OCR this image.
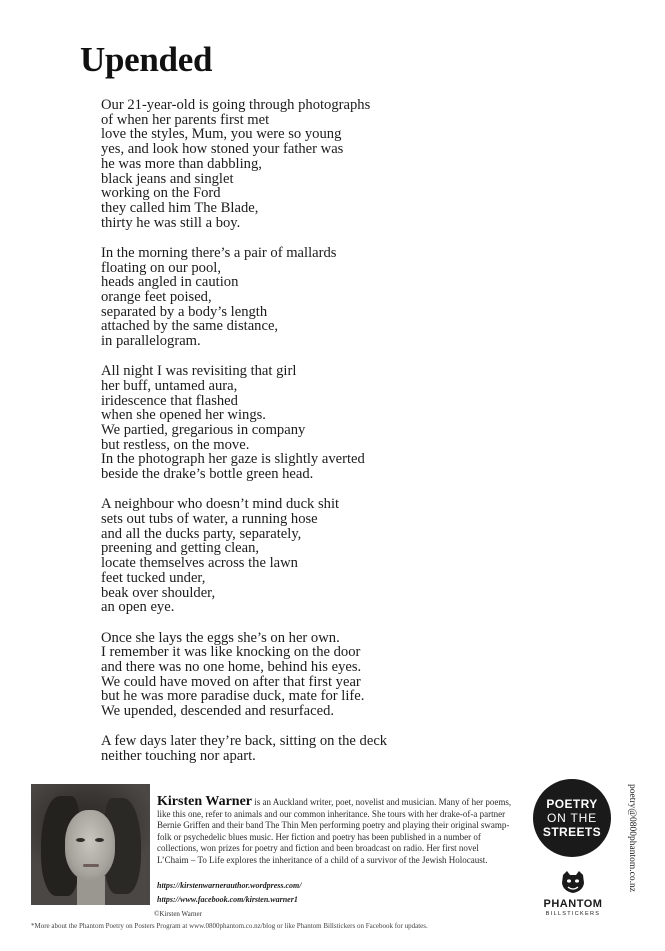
Upended
Our 21-year-old is going through photographs
of when her parents first met
love the styles, Mum, you were so young
yes, and look how stoned your father was
he was more than dabbling,
black jeans and singlet
working on the Ford
they called him The Blade,
thirty he was still a boy.
In the morning there’s a pair of mallards
floating on our pool,
heads angled in caution
orange feet poised,
separated by a body’s length
attached by the same distance,
in parallelogram.
All night I was revisiting that girl
her buff, untamed aura,
iridescence that flashed
when she opened her wings.
We partied, gregarious in company
but restless, on the move.
In the photograph her gaze is slightly averted
beside the drake’s bottle green head.
A neighbour who doesn’t mind duck shit
sets out tubs of water, a running hose
and all the ducks party, separately,
preening and getting clean,
locate themselves across the lawn
feet tucked under,
beak over shoulder,
an open eye.
Once she lays the eggs she’s on her own.
I remember it was like knocking on the door
and there was no one home, behind his eyes.
We could have moved on after that first year
but he was more paradise duck, mate for life.
We upended, descended and resurfaced.
A few days later they’re back, sitting on the deck
neither touching nor apart.
©Kirsten Warner
Kirsten Warner is an Auckland writer, poet, novelist and musician. Many of her poems, like this one, refer to animals and our common inheritance. She tours with her drake-of-a partner Bernie Griffen and their band The Thin Men performing poetry and playing their original swamp-folk or psychedelic blues music. Her fiction and poetry has been published in a number of collections, won prizes for poetry and fiction and been broadcast on radio. Her first novel L’Chaim – To Life explores the inheritance of a child of a survivor of the Jewish Holocaust.
https://kirstenwarnerauthor.wordpress.com/
https://www.facebook.com/kirsten.warner1
POETRY
ON THE
STREETS
PHANTOM
BILLSTICKERS
poetry@0800phantom.co.nz
*More about the Phantom Poetry on Posters Program at www.0800phantom.co.nz/blog or like Phantom Billstickers on Facebook for updates.
